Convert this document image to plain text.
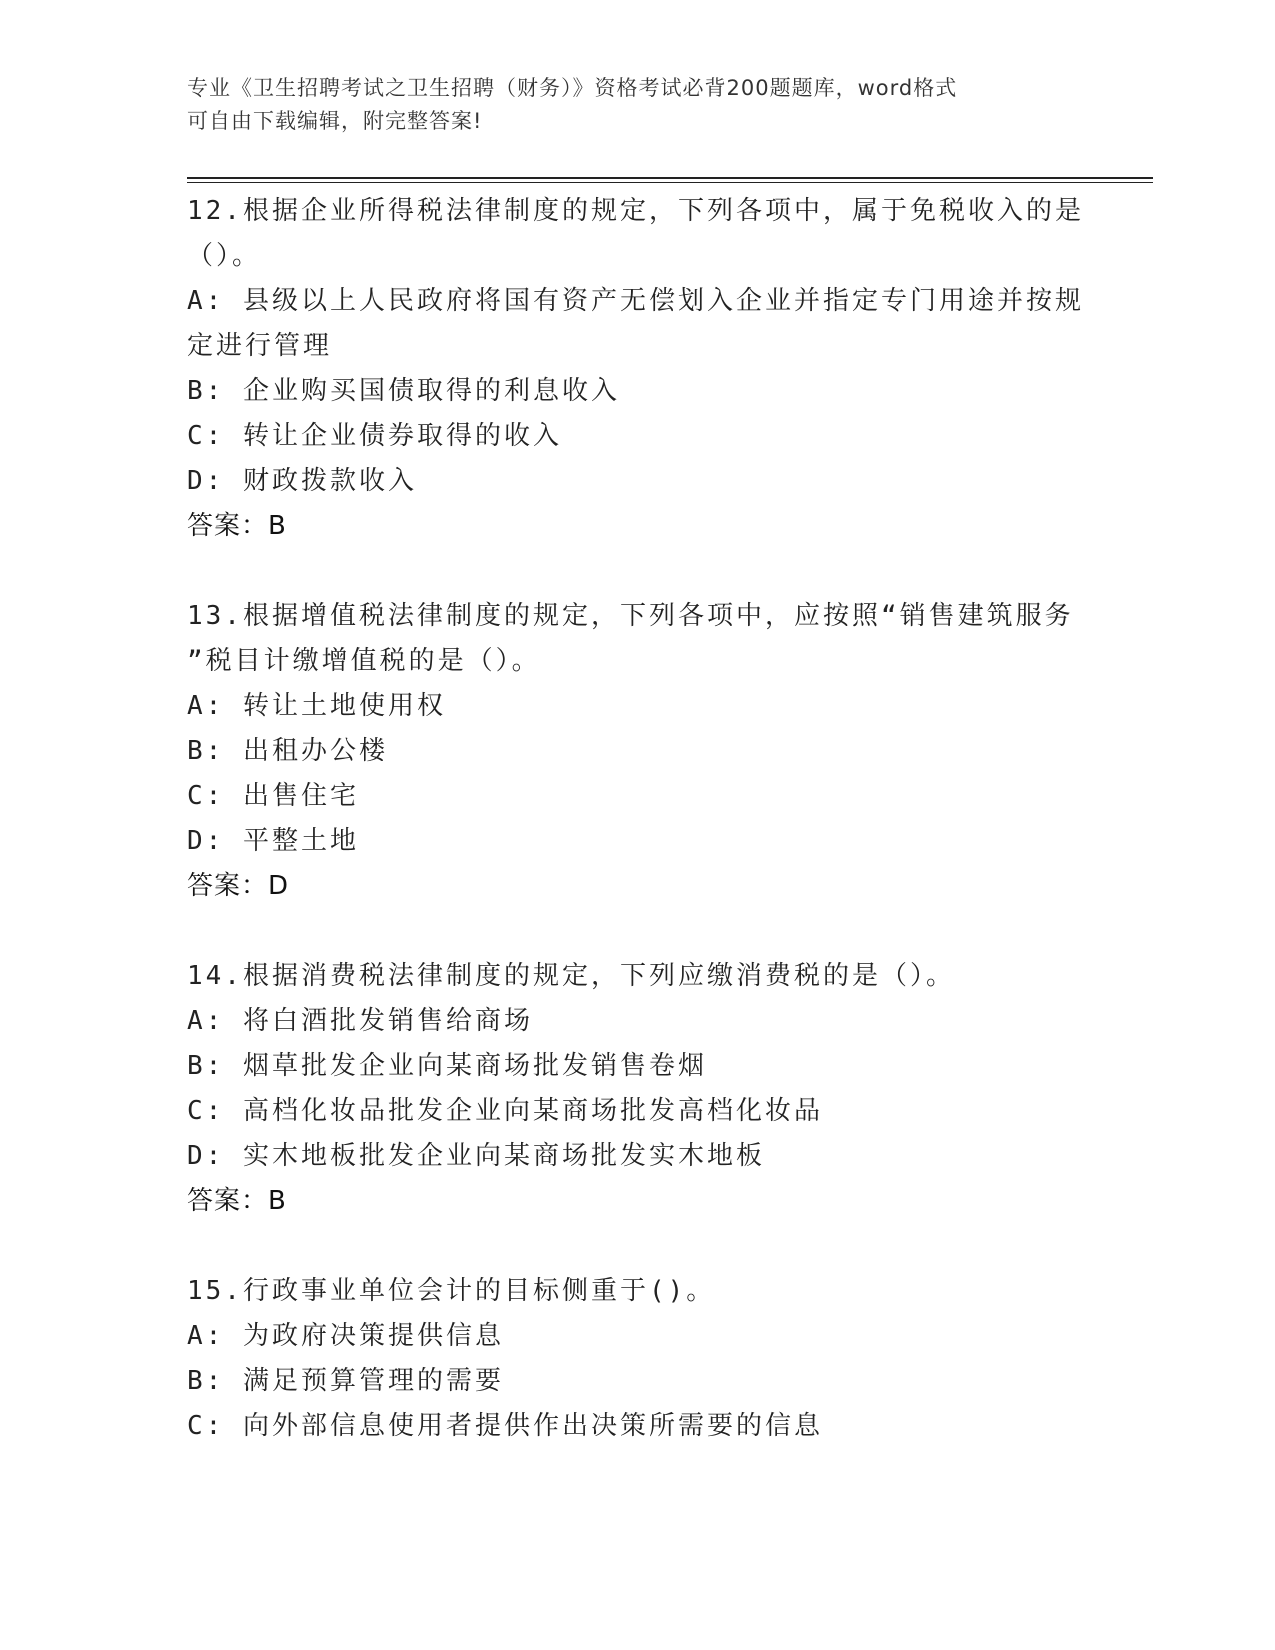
专业《卫生招聘考试之卫生招聘（财务）》资格考试必背200题题库，word格式
可自由下载编辑，附完整答案!
12.根据企业所得税法律制度的规定，下列各项中，属于免税收入的是
（）。
A: 县级以上人民政府将国有资产无偿划入企业并指定专门用途并按规
定进行管理
B: 企业购买国债取得的利息收入
C: 转让企业债券取得的收入
D: 财政拨款收入
答案：B
13.根据增值税法律制度的规定，下列各项中，应按照“销售建筑服务
”税目计缴增值税的是（）。
A: 转让土地使用权
B: 出租办公楼
C: 出售住宅
D: 平整土地
答案：D
14.根据消费税法律制度的规定，下列应缴消费税的是（）。
A: 将白酒批发销售给商场
B: 烟草批发企业向某商场批发销售卷烟
C: 高档化妆品批发企业向某商场批发高档化妆品
D: 实木地板批发企业向某商场批发实木地板
答案：B
15.行政事业单位会计的目标侧重于()。
A: 为政府决策提供信息
B: 满足预算管理的需要
C: 向外部信息使用者提供作出决策所需要的信息
